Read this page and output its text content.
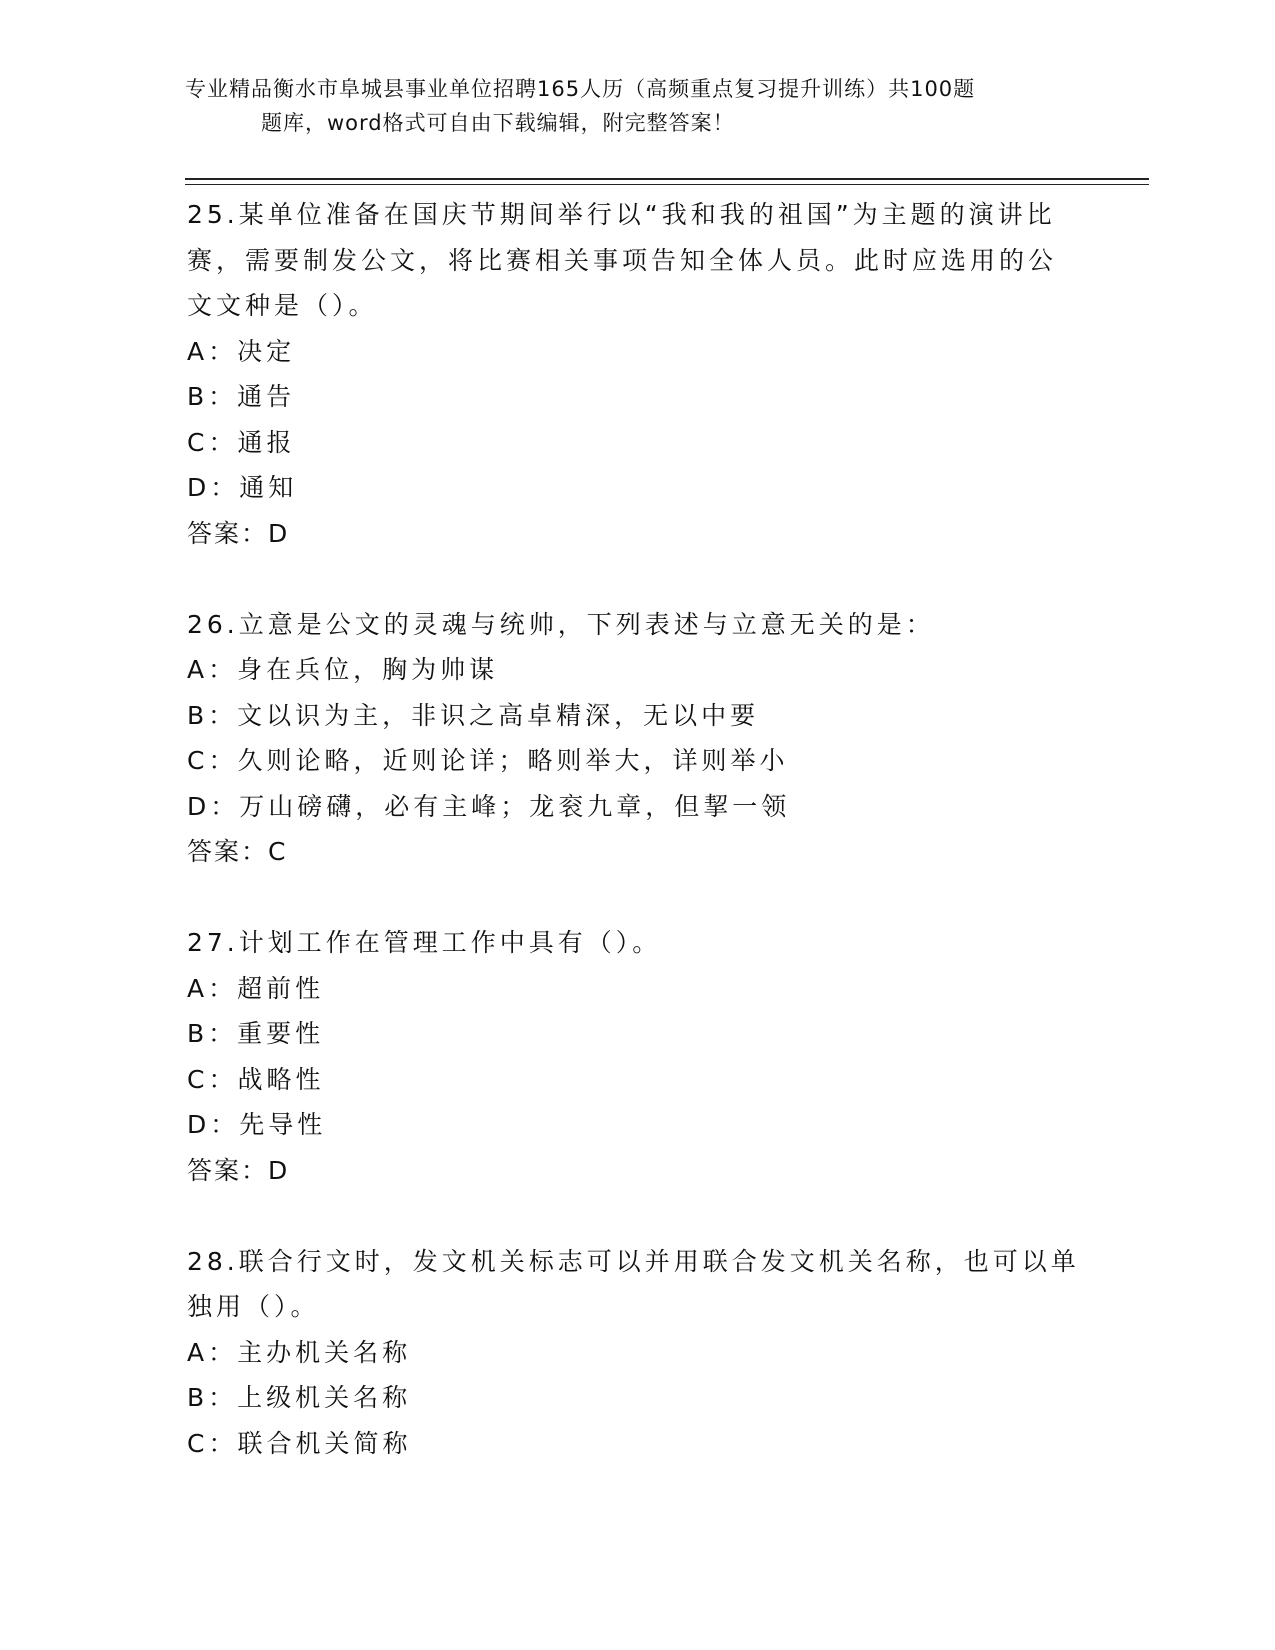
专业精品衡水市阜城县事业单位招聘165人历（高频重点复习提升训练）共100题
题库，word格式可自由下载编辑，附完整答案！
25.某单位准备在国庆节期间举行以“我和我的祖国”为主题的演讲比
赛，需要制发公文，将比赛相关事项告知全体人员。此时应选用的公
文文种是（）。
A：决定
B：通告
C：通报
D：通知
答案：D
26.立意是公文的灵魂与统帅，下列表述与立意无关的是：
A：身在兵位，胸为帅谋
B：文以识为主，非识之高卓精深，无以中要
C：久则论略，近则论详；略则举大，详则举小
D：万山磅礴，必有主峰；龙衮九章，但挈一领
答案：C
27.计划工作在管理工作中具有（）。
A：超前性
B：重要性
C：战略性
D：先导性
答案：D
28.联合行文时，发文机关标志可以并用联合发文机关名称，也可以单
独用（）。
A：主办机关名称
B：上级机关名称
C：联合机关简称
